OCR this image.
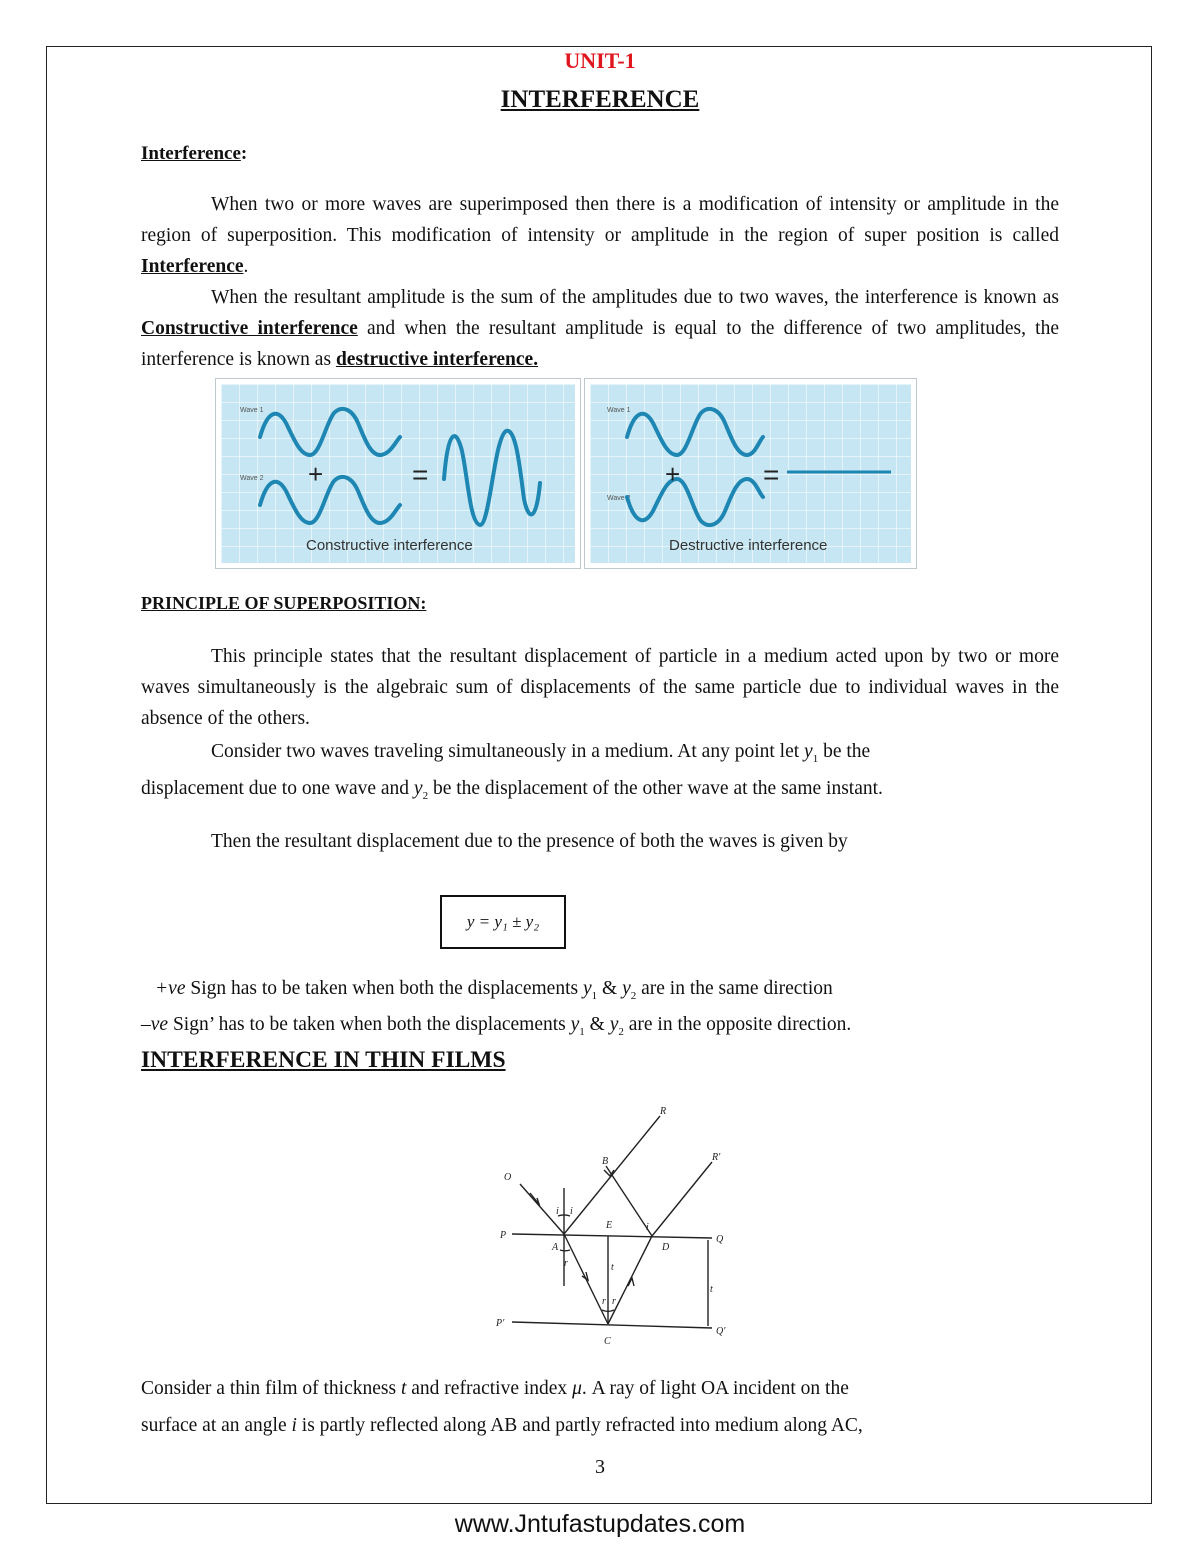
UNIT-1
INTERFERENCE
Interference:
When two or more waves are superimposed then there is a modification of intensity or amplitude in the region of superposition. This modification of intensity or amplitude in the region of super position is called Interference.
When the resultant amplitude is the sum of the amplitudes due to two waves, the interference is known as Constructive interference and when the resultant amplitude is equal to the difference of two amplitudes, the interference is known as destructive interference.
Wave 1
Wave 2 +	=
Constructive interference
Wave 1
Wave 2
+	=
Destructive interference
PRINCIPLE OF SUPERPOSITION:
This principle states that the resultant displacement of particle in a medium acted upon by two or more waves simultaneously is the algebraic sum of displacements of the same particle due to individual waves in the absence of the others.
Consider two waves traveling simultaneously in a medium. At any point let $y_1$ be the
displacement due to one wave and $y_2$ be the displacement of the other wave at the same instant.
Then the resultant displacement due to the presence of both the waves is given by
y = y₁ ± y₂
+ve Sign has to be taken when both the displacements $y_1$ & $y_2$ are in the same direction
–ve Sign’ has to be taken when both the displacements $y_1$ & $y_2$ are in the opposite direction.
INTERFERENCE IN THIN FILMS
R
R′
O
B
P
A
E
D
Q
P′
C
Q′
i i
i
r
r r
t
t
Consider a thin film of thickness t and refractive index μ. A ray of light OA incident on the
surface at an angle i is partly reflected along AB and partly refracted into medium along AC,
3
www.Jntufastupdates.com
